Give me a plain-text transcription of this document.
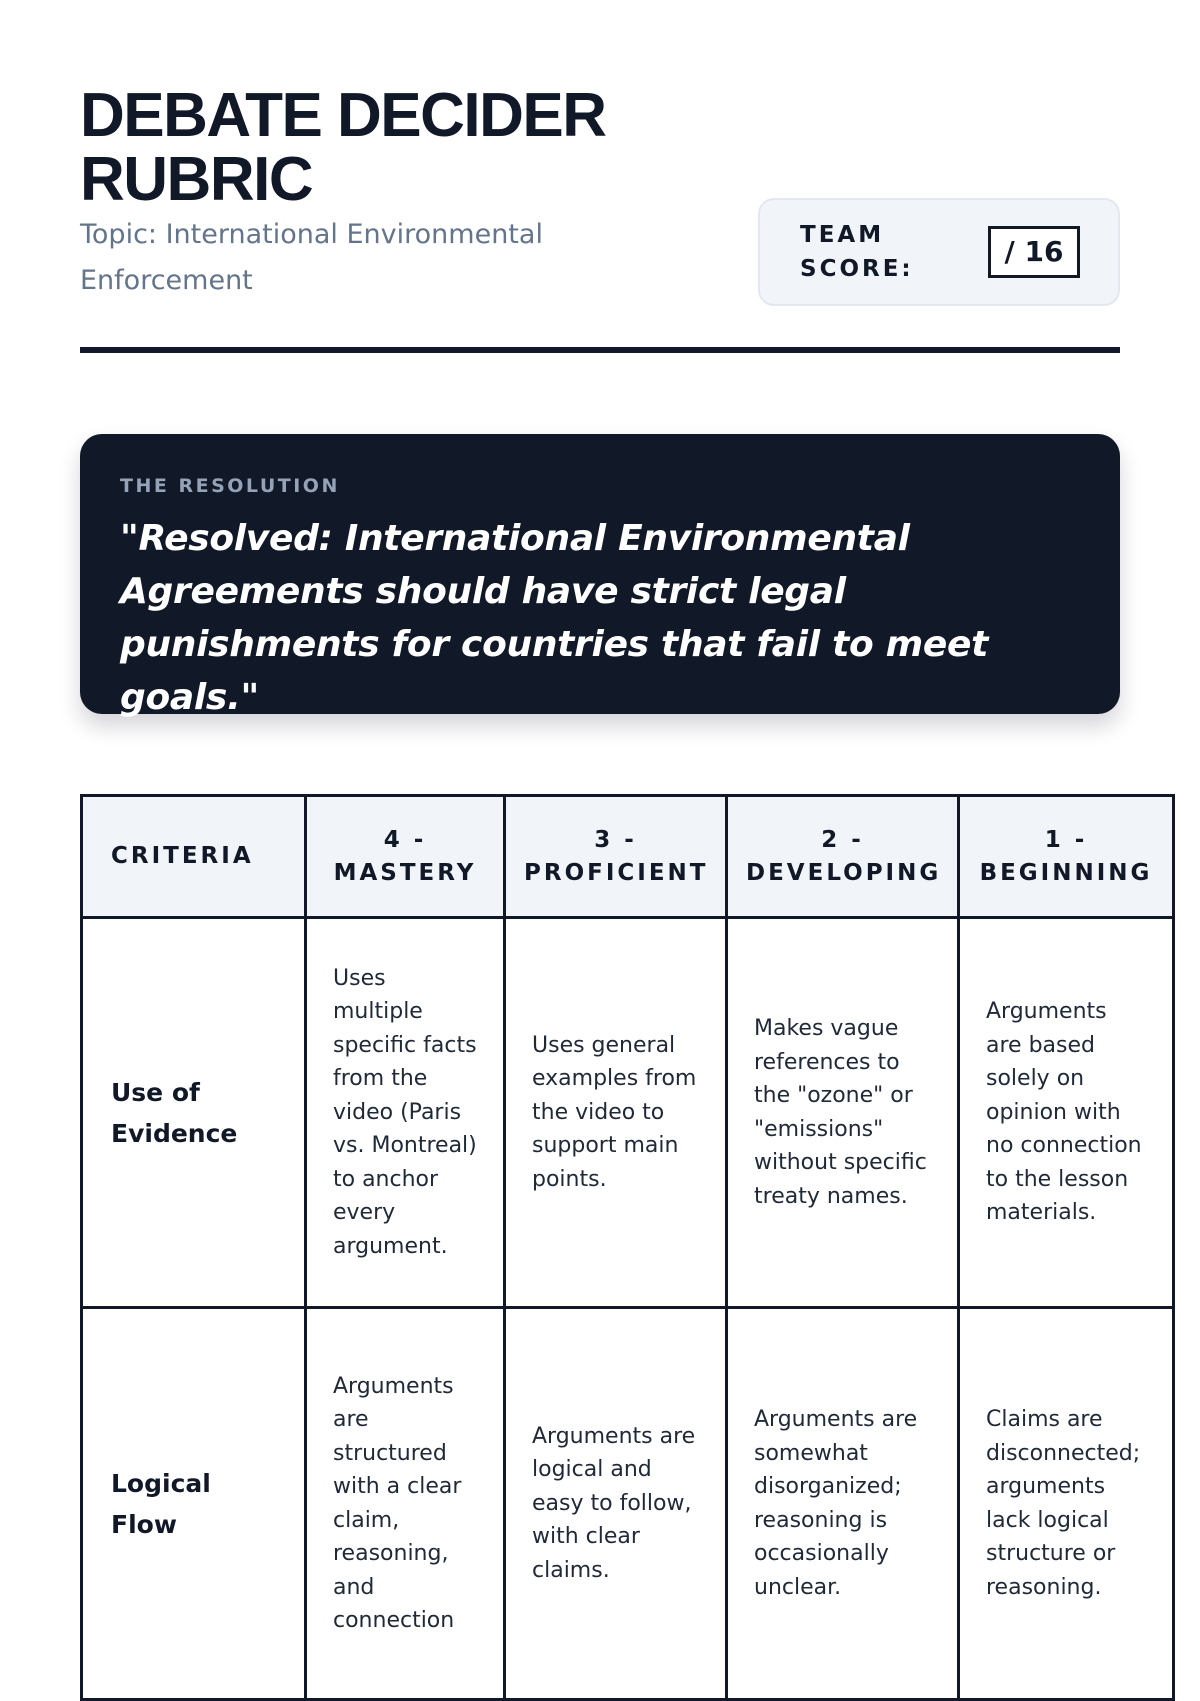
DEBATE DECIDER RUBRIC
Topic: International Environmental Enforcement
TEAM SCORE:
/ 16
THE RESOLUTION

"Resolved: International Environmental Agreements should have strict legal punishments for countries that fail to meet goals."

CRITERIA	4 - MASTERY	3 - PROFICIENT	2 - DEVELOPING	1 - BEGINNING
Use of Evidence	Uses multiple specific facts from the video (Paris vs. Montreal) to anchor every argument.	Uses general examples from the video to support main points.	Makes vague references to the "ozone" or "emissions" without specific treaty names.	Arguments are based solely on opinion with no connection to the lesson materials.
Logical Flow	Arguments are structured with a clear claim, reasoning, and connection	Arguments are logical and easy to follow, with clear claims.	Arguments are somewhat disorganized; reasoning is occasionally unclear.	Claims are disconnected; arguments lack logical structure or reasoning.
